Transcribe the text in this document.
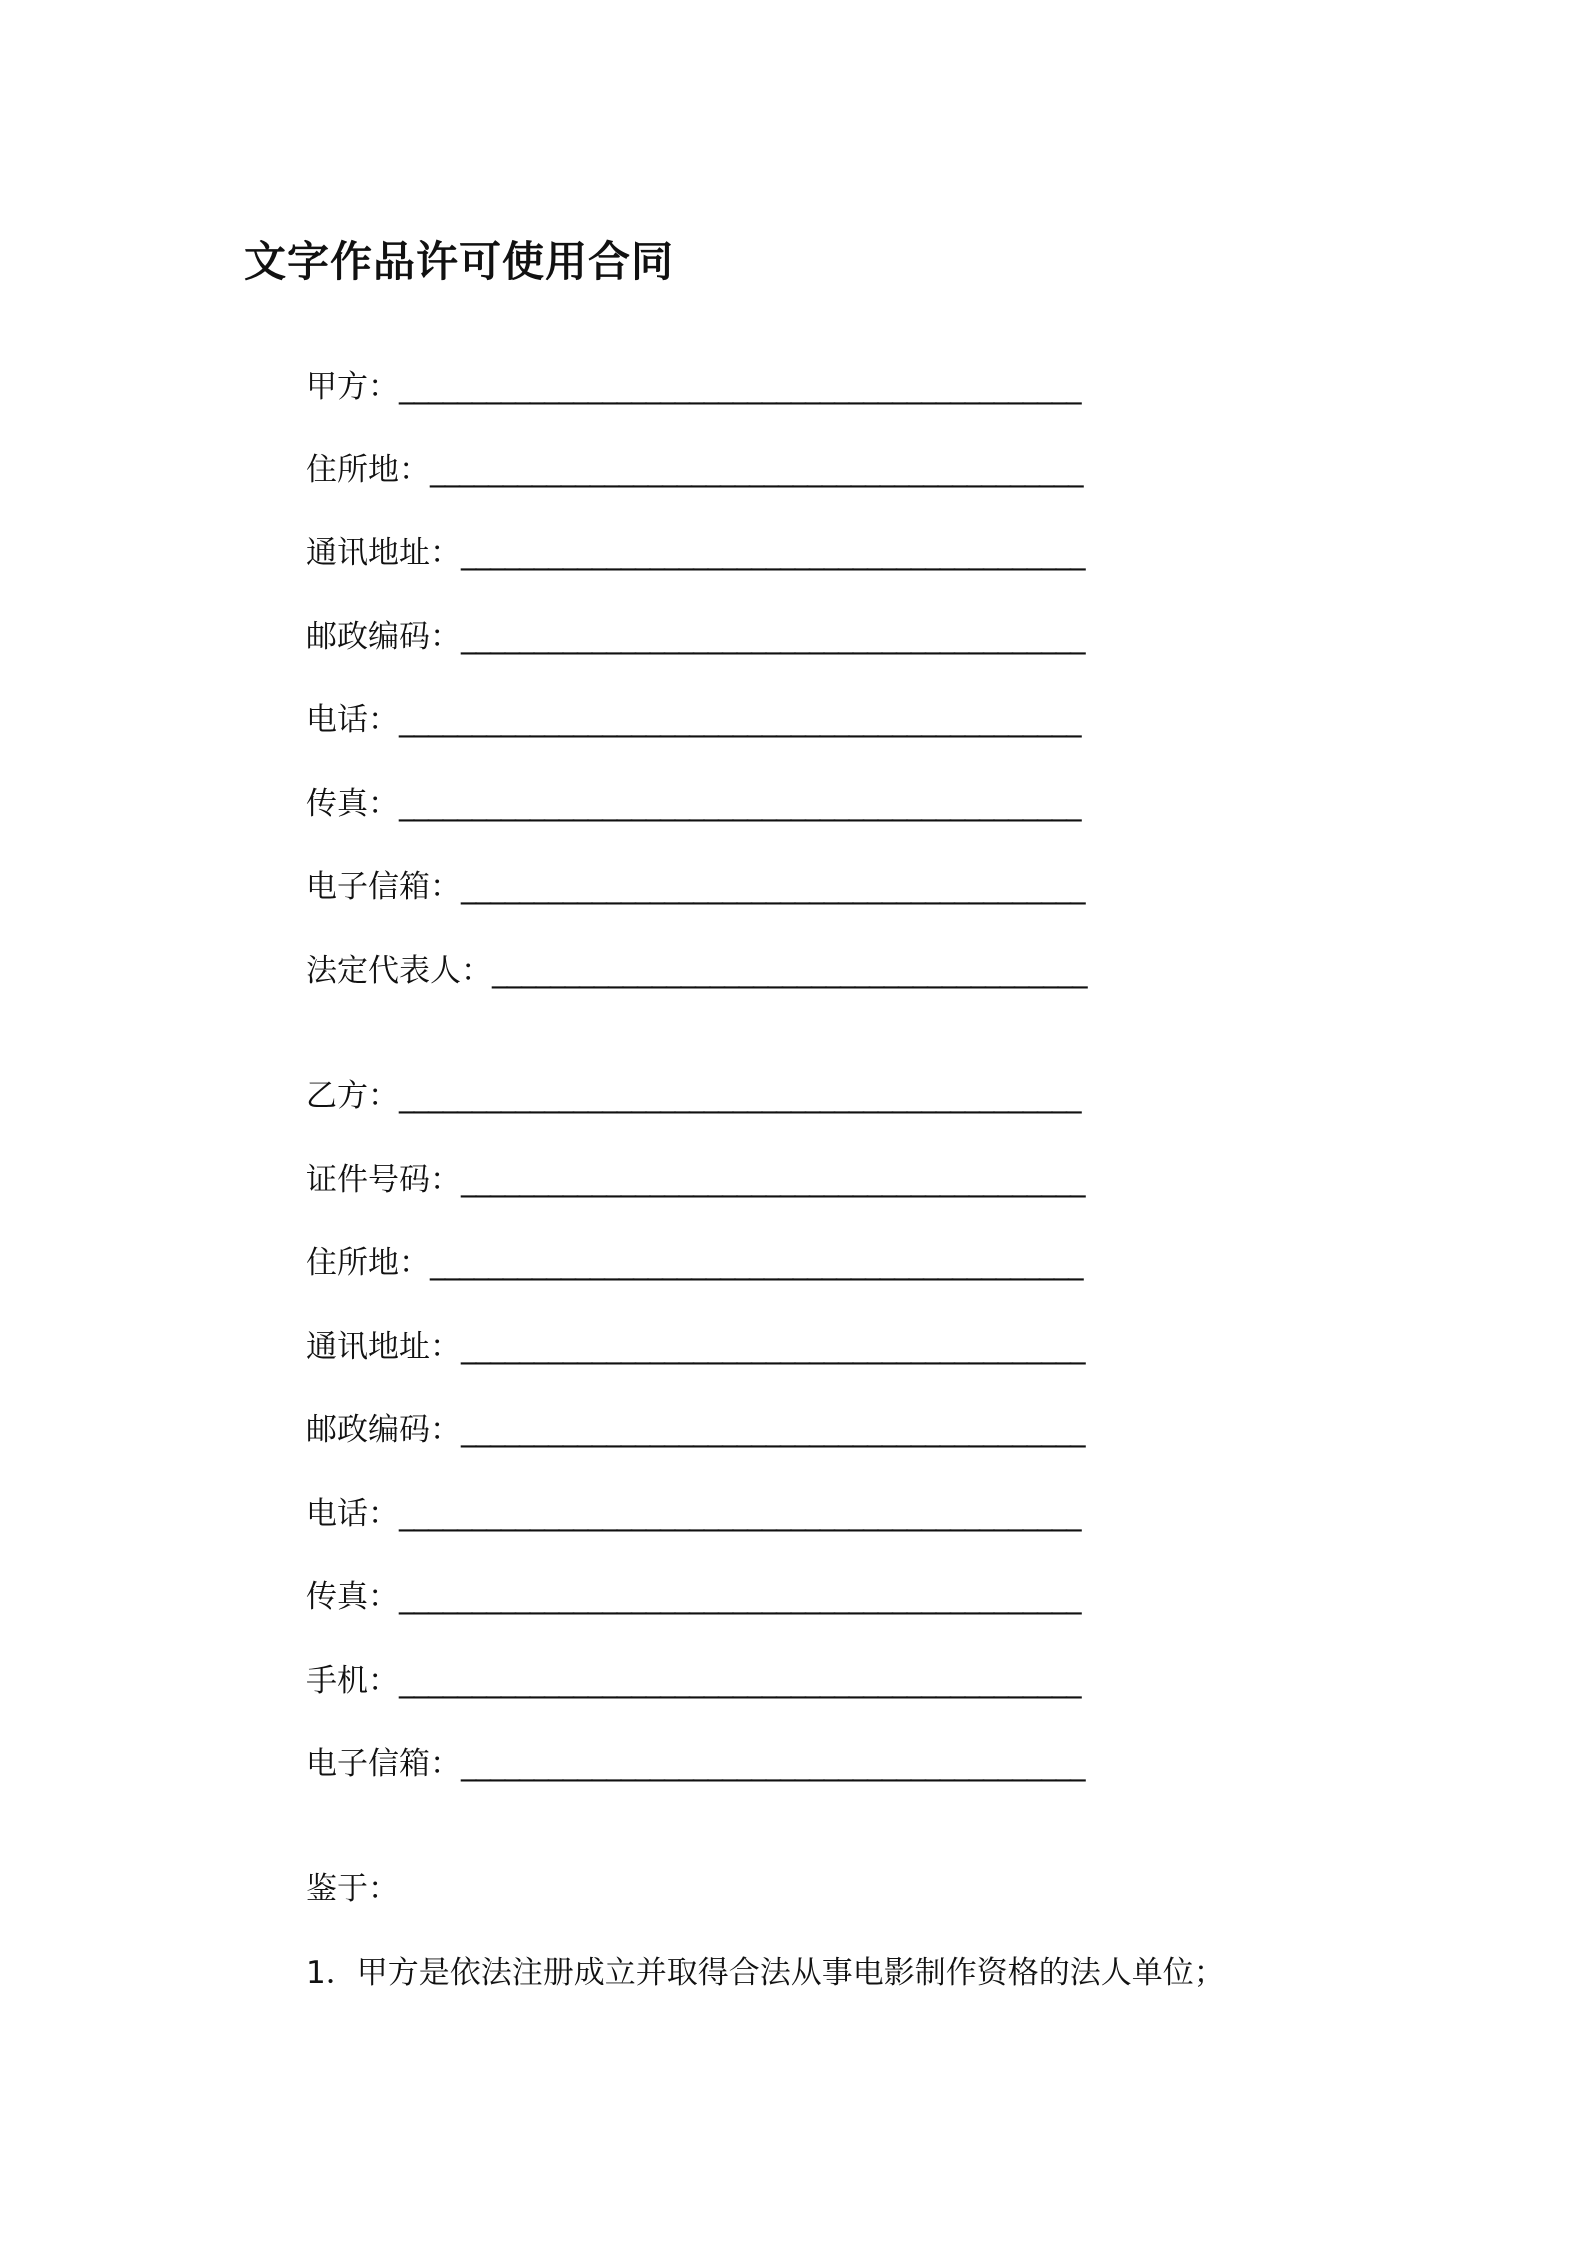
文字作品许可使用合同
甲方：_______________________________________________
住所地：_____________________________________________
通讯地址：___________________________________________
邮政编码：___________________________________________
电话：_______________________________________________
传真：_______________________________________________
电子信箱：___________________________________________
法定代表人：_________________________________________
乙方：_______________________________________________
证件号码：___________________________________________
住所地：_____________________________________________
通讯地址：___________________________________________
邮政编码：___________________________________________
电话：_______________________________________________
传真：_______________________________________________
手机：_______________________________________________
电子信箱：___________________________________________
鉴于：
1．甲方是依法注册成立并取得合法从事电影制作资格的法人单位；
